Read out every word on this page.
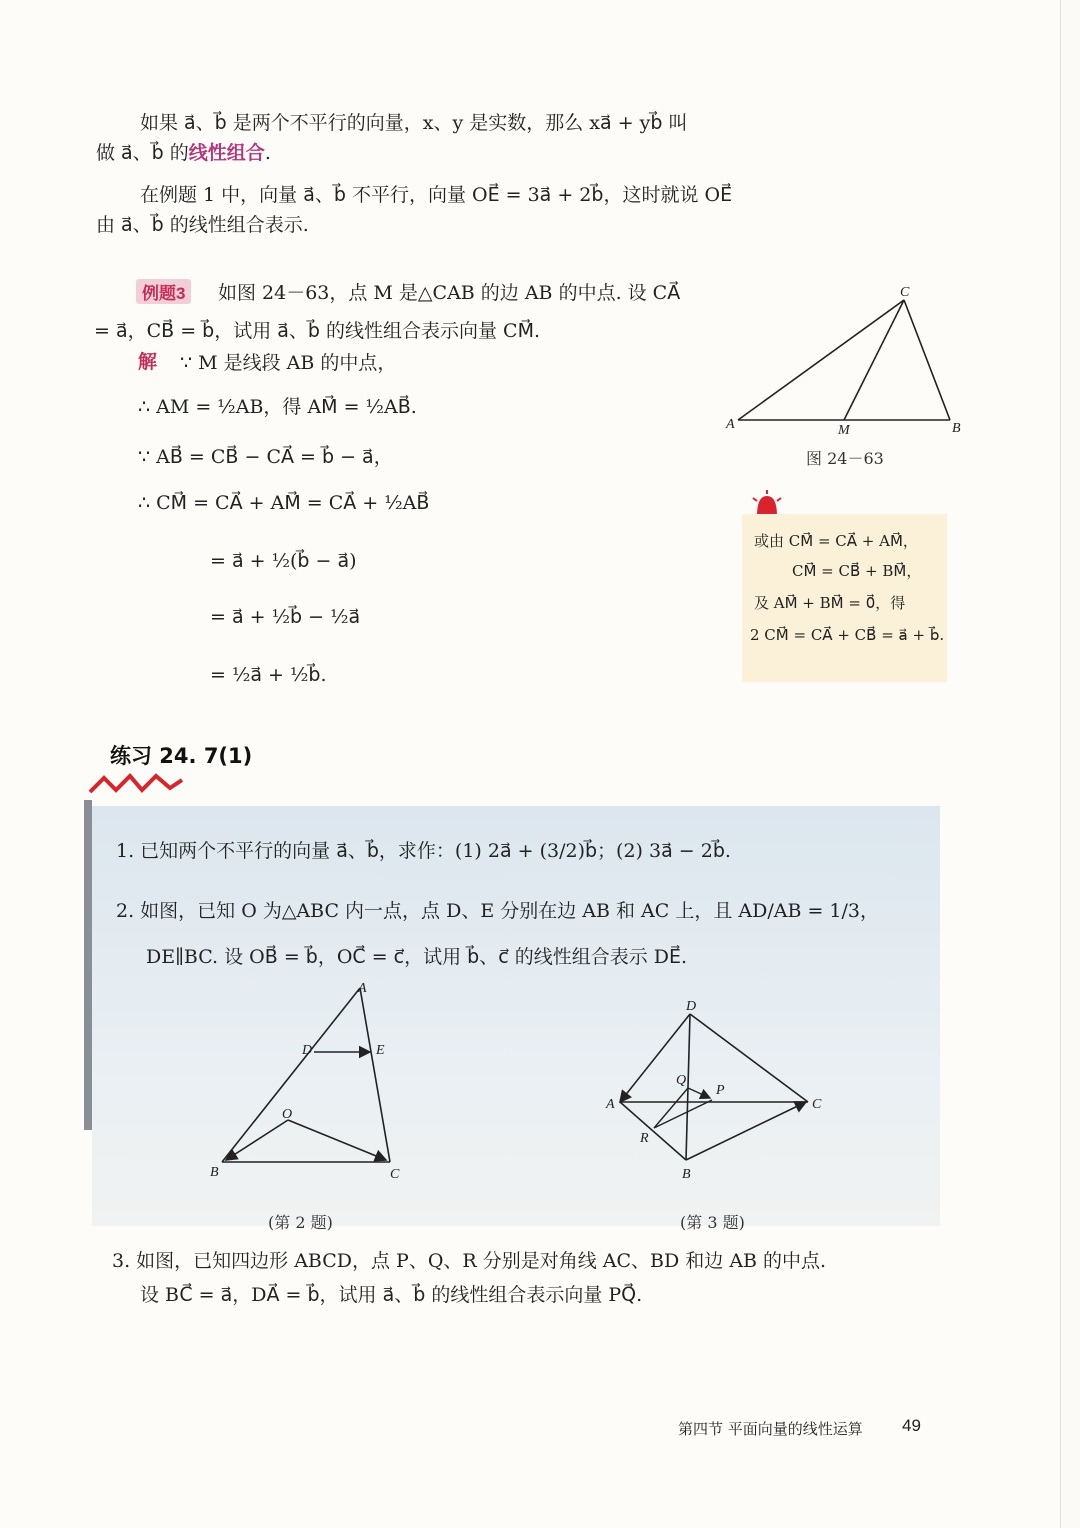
如果 a⃗、b⃗ 是两个不平行的向量，x、y 是实数，那么 xa⃗ + yb⃗ 叫
做 a⃗、b⃗ 的线性组合.
在例题 1 中，向量 a⃗、b⃗ 不平行，向量 OE⃗ = 3a⃗ + 2b⃗，这时就说 OE⃗
由 a⃗、b⃗ 的线性组合表示.
例题3	如图 24－63，点 M 是△CAB 的边 AB 的中点. 设 CA⃗
= a⃗，CB⃗ = b⃗，试用 a⃗、b⃗ 的线性组合表示向量 CM⃗.
解 ∵ M 是线段 AB 的中点，
∴ AM = ½AB，得 AM⃗ = ½AB⃗.
∵ AB⃗ = CB⃗ − CA⃗ = b⃗ − a⃗，
∴ CM⃗ = CA⃗ + AM⃗ = CA⃗ + ½AB⃗
= a⃗ + ½(b⃗ − a⃗)
= a⃗ + ½b⃗ − ½a⃗
= ½a⃗ + ½b⃗.
C
A	M	B
图 24－63
或由 CM⃗ = CA⃗ + AM⃗，
CM⃗ = CB⃗ + BM⃗，
及 AM⃗ + BM⃗ = 0⃗，得
2 CM⃗ = CA⃗ + CB⃗ = a⃗ + b⃗.
练习 24. 7(1)
1. 已知两个不平行的向量 a⃗、b⃗，求作：(1) 2a⃗ + (3/2)b⃗；(2) 3a⃗ − 2b⃗.
2. 如图，已知 O 为△ABC 内一点，点 D、E 分别在边 AB 和 AC 上，且 AD/AB = 1/3，
DE∥BC. 设 OB⃗ = b⃗，OC⃗ = c⃗，试用 b⃗、c⃗ 的线性组合表示 DE⃗.
A
D	E
O
B	C
(第 2 题)
D
A	C
B
Q
P
R
(第 3 题)
3. 如图，已知四边形 ABCD，点 P、Q、R 分别是对角线 AC、BD 和边 AB 的中点.
设 BC⃗ = a⃗，DA⃗ = b⃗，试用 a⃗、b⃗ 的线性组合表示向量 PQ⃗.
第四节 平面向量的线性运算 49
